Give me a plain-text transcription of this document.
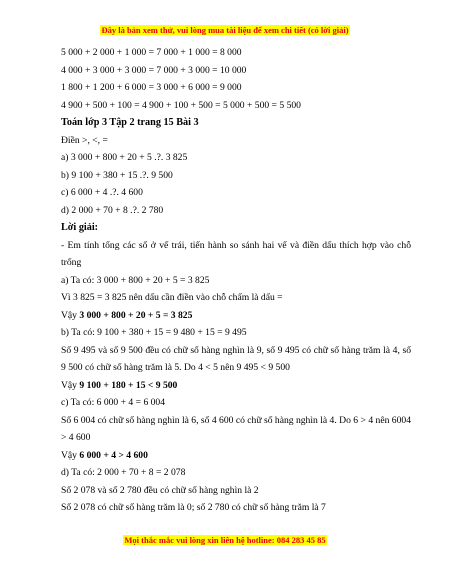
Đây là bản xem thử, vui lòng mua tài liệu để xem chi tiết (có lời giải)
5 000 + 2 000 + 1 000 = 7 000 + 1 000 = 8 000
4 000 + 3 000 + 3 000 = 7 000 + 3 000 = 10 000
1 800 + 1 200 + 6 000 = 3 000 + 6 000 = 9 000
4 900 + 500 + 100 = 4 900 + 100 + 500 = 5 000 + 500 = 5 500
Toán lớp 3 Tập 2 trang 15 Bài 3
Điền >, <, =
a) 3 000 + 800 + 20 + 5 .?. 3 825
b) 9 100 + 380 + 15 .?. 9 500
c) 6 000 + 4 .?. 4 600
d) 2 000 + 70 + 8 .?. 2 780
Lời giải:
- Em tính tổng các số ở vế trái, tiến hành so sánh hai vế và điền dấu thích hợp vào chỗ trống
a) Ta có: 3 000 + 800 + 20 + 5 = 3 825
Vì 3 825 = 3 825 nên dấu cần điền vào chỗ chấm là dấu =
Vậy 3 000 + 800 + 20 + 5 = 3 825
b) Ta có: 9 100 + 380 + 15 = 9 480 + 15 = 9 495
Số 9 495 và số 9 500 đều có chữ số hàng nghìn là 9, số 9 495 có chữ số hàng trăm là 4, số 9 500 có chữ số hàng trăm là 5. Do 4 < 5 nên 9 495 < 9 500
Vậy 9 100 + 180 + 15 < 9 500
c) Ta có: 6 000 + 4 = 6 004
Số 6 004 có chữ số hàng nghìn là 6, số 4 600 có chữ số hàng nghìn là 4. Do 6 > 4 nên 6004 > 4 600
Vậy 6 000 + 4 > 4 600
d) Ta có: 2 000 + 70 + 8 = 2 078
Số 2 078 và số 2 780 đều có chữ số hàng nghìn là 2
Số 2 078 có chữ số hàng trăm là 0; số 2 780 có chữ số hàng trăm là 7
Mọi thắc mắc vui lòng xin liên hệ hotline: 084 283 45 85
